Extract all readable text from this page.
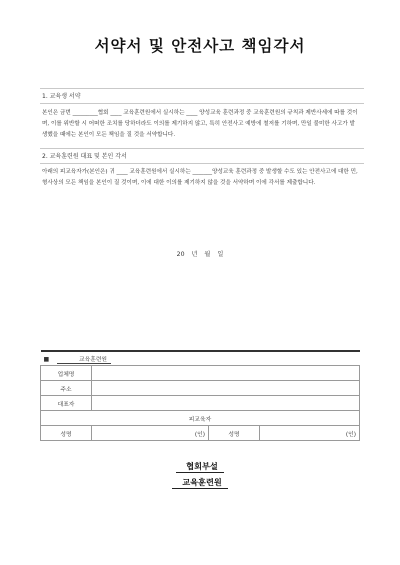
서약서 및 안전사고 책임각서
1. 교육생 서약

본인은 금번 _________협회 ____ 교육훈련원에서 실시하는 ____ 양성교육 훈련과정 중 교육훈련원의 규칙과 제반사세에 따를 것이며, 이를 위반할 시 어떠한 조치를 당하더라도 이의를 제기하지 않고, 특히 안전사고 예방에 철저를 기하며, 만일 불미한 사고가 발생했을 때에는 본인이 모든 책임을 질 것을 서약합니다.

2. 교육훈련원 대표 및 본인 각서

아래의 피교육자가(본인은) 귀 ____ 교육훈련원에서 실시하는 _______양성교육 훈련과정 중 발생할 수도 있는 안전사고에 대한 민, 형사상의 모든 책임을 본인이 질 것이며, 이에 대한 이의를 제기하지 않을 것을 서약하며 이에 각서를 제출합니다.

20 년 월 일
■ 교육훈련원			
업체명			
주소			
대표자			
피교육자			
성명	(인)	성명	(인)
협회부설
교육훈련원
